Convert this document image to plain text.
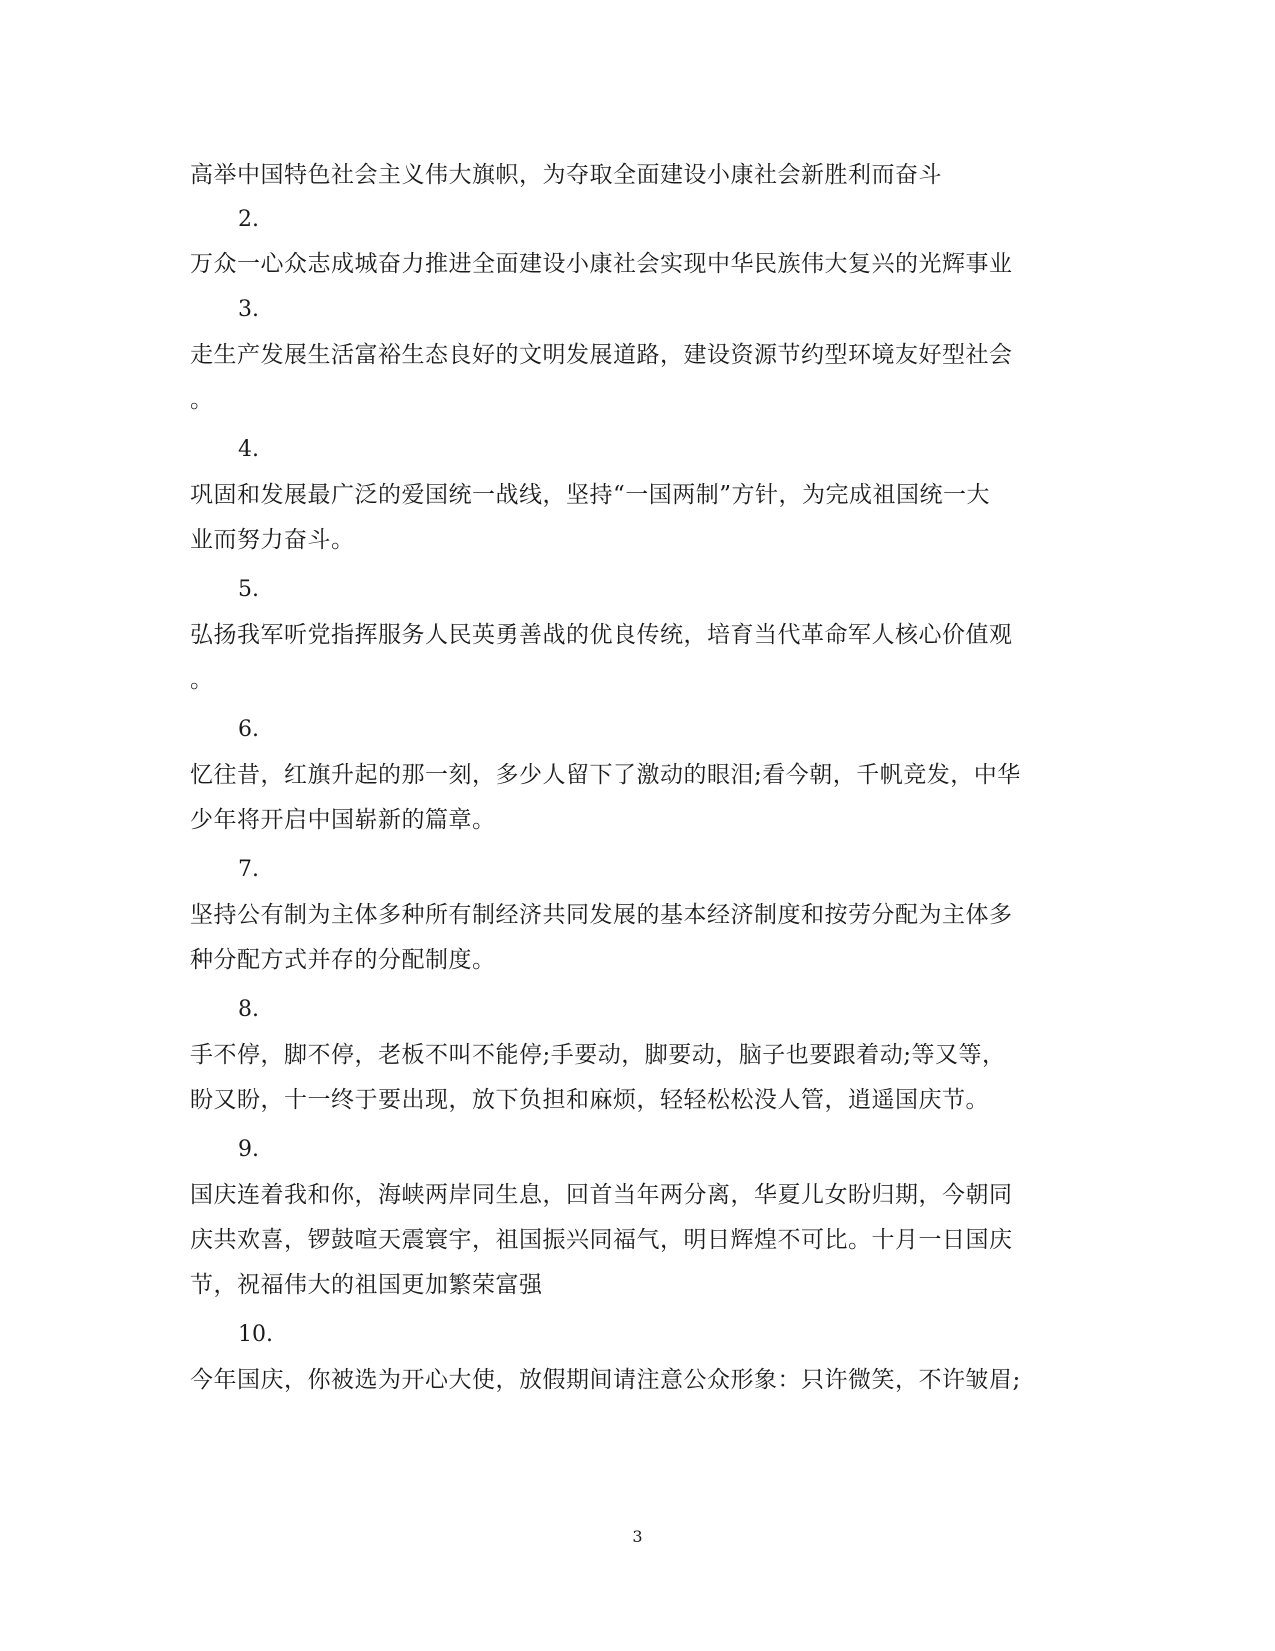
高举中国特色社会主义伟大旗帜，为夺取全面建设小康社会新胜利而奋斗
2.
万众一心众志成城奋力推进全面建设小康社会实现中华民族伟大复兴的光辉事业
3.
走生产发展生活富裕生态良好的文明发展道路，建设资源节约型环境友好型社会
。
4.
巩固和发展最广泛的爱国统一战线，坚持“一国两制”方针，为完成祖国统一大
业而努力奋斗。
5.
弘扬我军听党指挥服务人民英勇善战的优良传统，培育当代革命军人核心价值观
。
6.
忆往昔，红旗升起的那一刻，多少人留下了激动的眼泪;看今朝，千帆竞发，中华
少年将开启中国崭新的篇章。
7.
坚持公有制为主体多种所有制经济共同发展的基本经济制度和按劳分配为主体多
种分配方式并存的分配制度。
8.
手不停，脚不停，老板不叫不能停;手要动，脚要动，脑子也要跟着动;等又等，
盼又盼，十一终于要出现，放下负担和麻烦，轻轻松松没人管，逍遥国庆节。
9.
国庆连着我和你，海峡两岸同生息，回首当年两分离，华夏儿女盼归期，今朝同
庆共欢喜，锣鼓喧天震寰宇，祖国振兴同福气，明日辉煌不可比。十月一日国庆
节，祝福伟大的祖国更加繁荣富强
10.
今年国庆，你被选为开心大使，放假期间请注意公众形象：只许微笑，不许皱眉;
3
